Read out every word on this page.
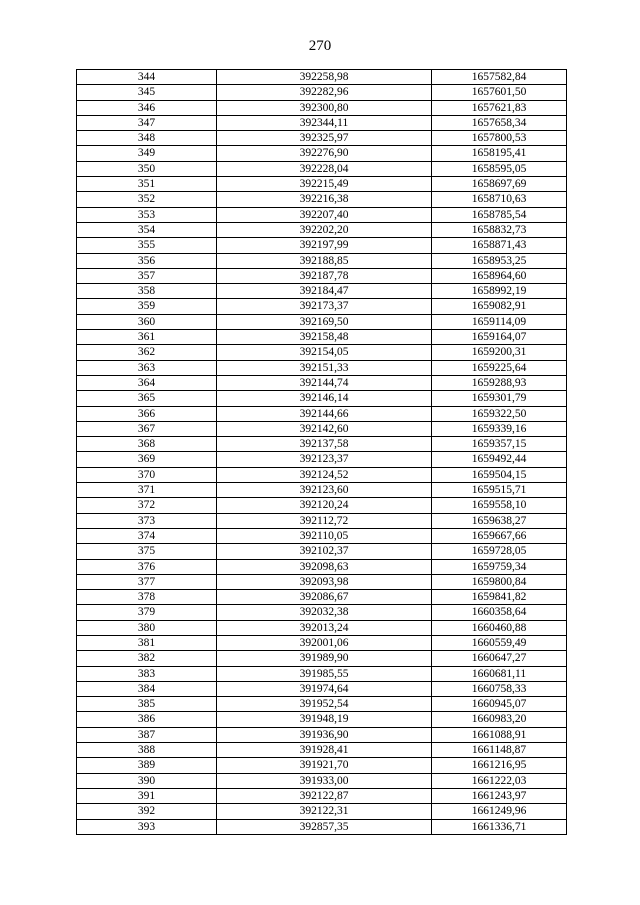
270
344	392258,98	1657582,84
345	392282,96	1657601,50
346	392300,80	1657621,83
347	392344,11	1657658,34
348	392325,97	1657800,53
349	392276,90	1658195,41
350	392228,04	1658595,05
351	392215,49	1658697,69
352	392216,38	1658710,63
353	392207,40	1658785,54
354	392202,20	1658832,73
355	392197,99	1658871,43
356	392188,85	1658953,25
357	392187,78	1658964,60
358	392184,47	1658992,19
359	392173,37	1659082,91
360	392169,50	1659114,09
361	392158,48	1659164,07
362	392154,05	1659200,31
363	392151,33	1659225,64
364	392144,74	1659288,93
365	392146,14	1659301,79
366	392144,66	1659322,50
367	392142,60	1659339,16
368	392137,58	1659357,15
369	392123,37	1659492,44
370	392124,52	1659504,15
371	392123,60	1659515,71
372	392120,24	1659558,10
373	392112,72	1659638,27
374	392110,05	1659667,66
375	392102,37	1659728,05
376	392098,63	1659759,34
377	392093,98	1659800,84
378	392086,67	1659841,82
379	392032,38	1660358,64
380	392013,24	1660460,88
381	392001,06	1660559,49
382	391989,90	1660647,27
383	391985,55	1660681,11
384	391974,64	1660758,33
385	391952,54	1660945,07
386	391948,19	1660983,20
387	391936,90	1661088,91
388	391928,41	1661148,87
389	391921,70	1661216,95
390	391933,00	1661222,03
391	392122,87	1661243,97
392	392122,31	1661249,96
393	392857,35	1661336,71
